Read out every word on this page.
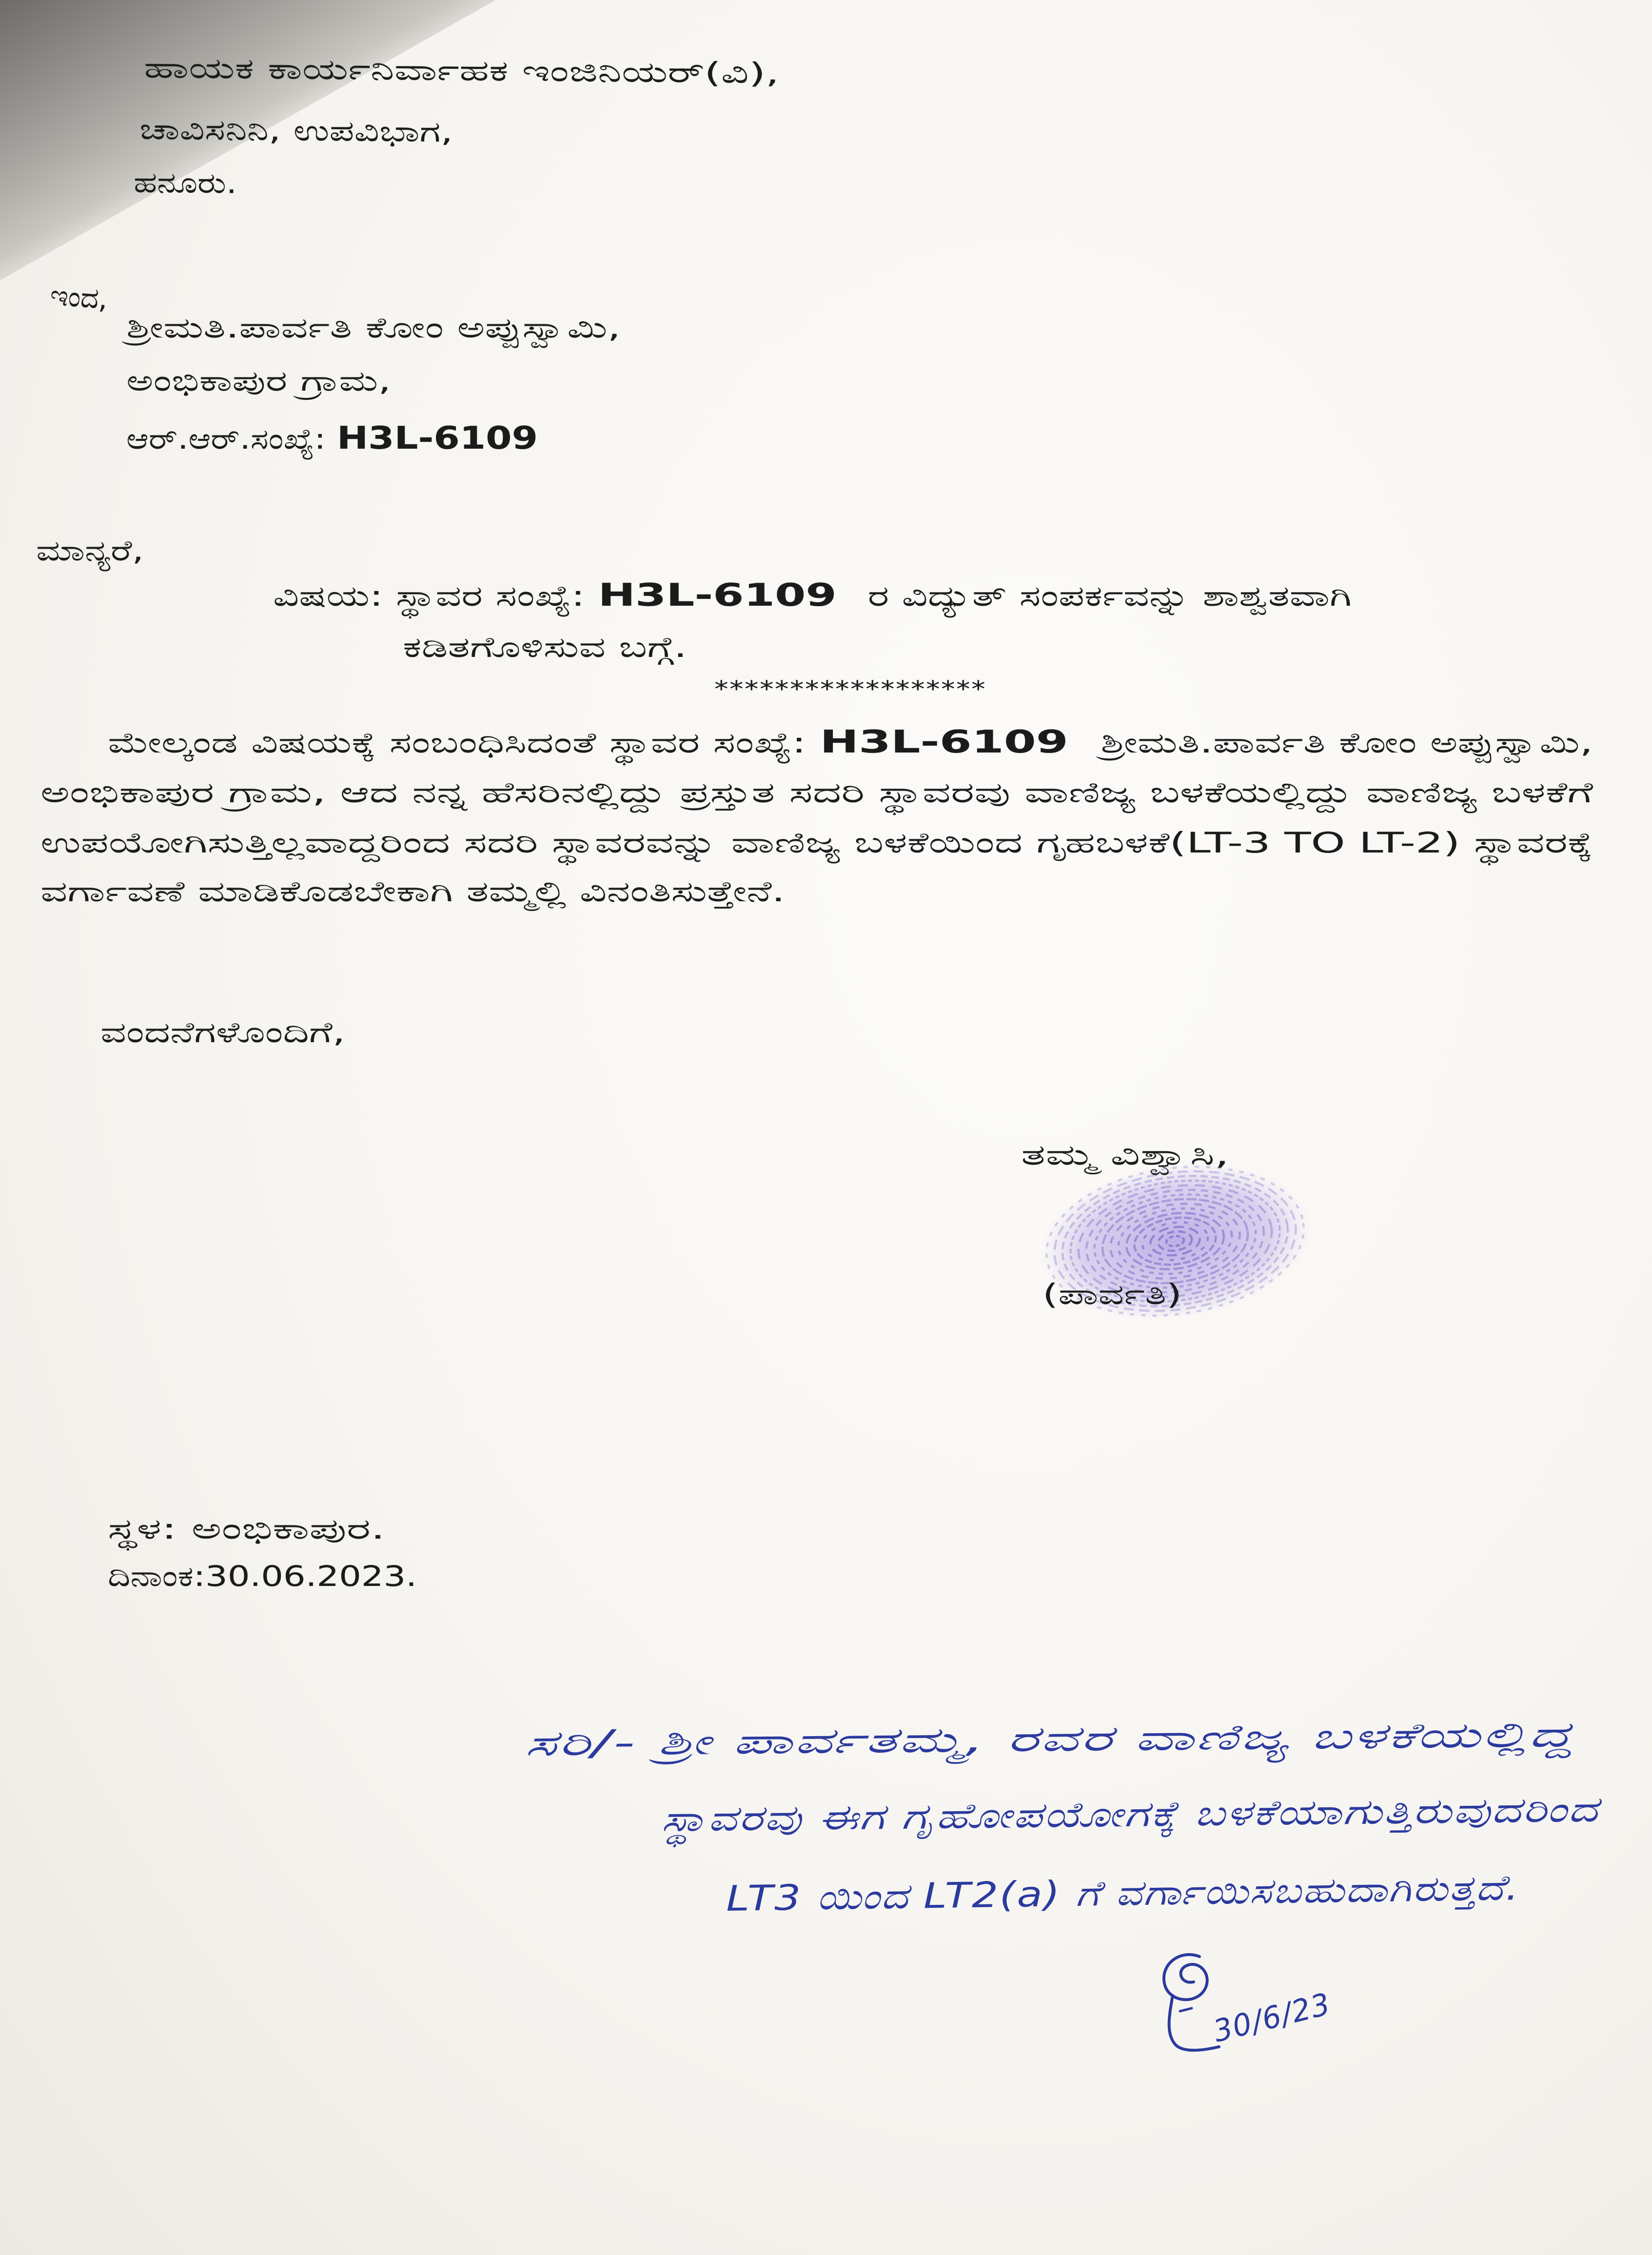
ಹಾಯಕ ಕಾರ್ಯನಿರ್ವಾಹಕ ಇಂಜಿನಿಯರ್(ವಿ),
ಚಾವಿಸನಿನಿ, ಉಪವಿಭಾಗ,
ಹನೂರು.
ಇಂದ,
ಶ್ರೀಮತಿ.ಪಾರ್ವತಿ ಕೋಂ ಅಪ್ಪುಸ್ವಾಮಿ,
ಅಂಭಿಕಾಪುರ ಗ್ರಾಮ,
ಆರ್.ಆರ್.ಸಂಖ್ಯೆ: H3L-6109
ಮಾನ್ಯರೆ,
ವಿಷಯ: ಸ್ಥಾವರ ಸಂಖ್ಯೆ: H3L-6109 ರ ವಿದ್ಯುತ್ ಸಂಪರ್ಕವನ್ನು ಶಾಶ್ವತವಾಗಿ
ಕಡಿತಗೊಳಿಸುವ ಬಗ್ಗೆ.
******************
ಮೇಲ್ಕಂಡ ವಿಷಯಕ್ಕೆ ಸಂಬಂಧಿಸಿದಂತೆ ಸ್ಥಾವರ ಸಂಖ್ಯೆ: H3L-6109 ಶ್ರೀಮತಿ.ಪಾರ್ವತಿ ಕೋಂ ಅಪ್ಪುಸ್ವಾಮಿ,
ಅಂಭಿಕಾಪುರ ಗ್ರಾಮ, ಆದ ನನ್ನ ಹೆಸರಿನಲ್ಲಿದ್ದು ಪ್ರಸ್ತುತ ಸದರಿ ಸ್ಥಾವರವು ವಾಣಿಜ್ಯ ಬಳಕೆಯಲ್ಲಿದ್ದು ವಾಣಿಜ್ಯ ಬಳಕೆಗೆ
ಉಪಯೋಗಿಸುತ್ತಿಲ್ಲವಾದ್ದರಿಂದ ಸದರಿ ಸ್ಥಾವರವನ್ನು ವಾಣಿಜ್ಯ ಬಳಕೆಯಿಂದ ಗೃಹಬಳಕೆ(LT-3 TO LT-2) ಸ್ಥಾವರಕ್ಕೆ
ವರ್ಗಾವಣೆ ಮಾಡಿಕೊಡಬೇಕಾಗಿ ತಮ್ಮಲ್ಲಿ ವಿನಂತಿಸುತ್ತೇನೆ.
ವಂದನೆಗಳೊಂದಿಗೆ,
ತಮ್ಮ ವಿಶ್ವಾಸಿ,
(ಪಾರ್ವತಿ)
ಸ್ಥಳ: ಅಂಭಿಕಾಪುರ.
ದಿನಾಂಕ:30.06.2023.
ಸರಿ/- ಶ್ರೀ ಪಾರ್ವತಮ್ಮ, ರವರ ವಾಣಿಜ್ಯ ಬಳಕೆಯಲ್ಲಿದ್ದ
ಸ್ಥಾವರವು ಈಗ ಗೃಹೋಪಯೋಗಕ್ಕೆ ಬಳಕೆಯಾಗುತ್ತಿರುವುದರಿಂದ
LT3 ಯಿಂದ LT2(a) ಗೆ ವರ್ಗಾಯಿಸಬಹುದಾಗಿರುತ್ತದೆ.
30/6/23
